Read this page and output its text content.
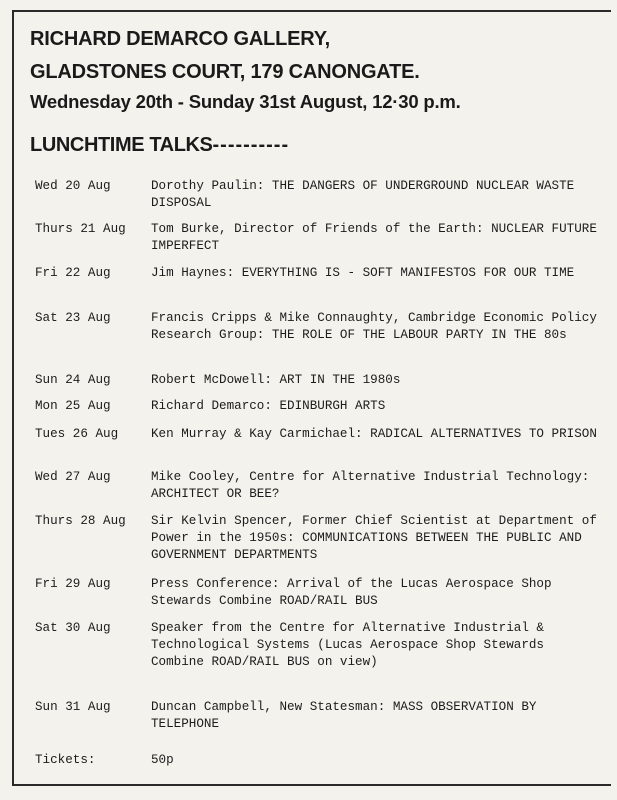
RICHARD DEMARCO GALLERY,
GLADSTONES COURT, 179 CANONGATE.
Wednesday 20th - Sunday 31st August, 12·30 p.m.
LUNCHTIME TALKS----------
Wed 20 Aug	Dorothy Paulin: THE DANGERS OF UNDERGROUND NUCLEAR WASTE DISPOSAL
Thurs 21 Aug Tom Burke, Director of Friends of the Earth: NUCLEAR FUTURE IMPERFECT
Fri 22 Aug	Jim Haynes: EVERYTHING IS - SOFT MANIFESTOS FOR OUR TIME
Sat 23 Aug	Francis Cripps & Mike Connaughty, Cambridge Economic Policy Research Group: THE ROLE OF THE LABOUR PARTY IN THE 80s
Sun 24 Aug	Robert McDowell: ART IN THE 1980s
Mon 25 Aug	Richard Demarco: EDINBURGH ARTS
Tues 26 Aug	Ken Murray & Kay Carmichael: RADICAL ALTERNATIVES TO PRISON
Wed 27 Aug	Mike Cooley, Centre for Alternative Industrial Technology: ARCHITECT OR BEE?
Thurs 28 Aug Sir Kelvin Spencer, Former Chief Scientist at Department of Power in the 1950s: COMMUNICATIONS BETWEEN THE PUBLIC AND GOVERNMENT DEPARTMENTS
Fri 29 Aug	Press Conference: Arrival of the Lucas Aerospace Shop Stewards Combine ROAD/RAIL BUS
Sat 30 Aug	Speaker from the Centre for Alternative Industrial & Technological Systems (Lucas Aerospace Shop Stewards Combine ROAD/RAIL BUS on view)
Sun 31 Aug	Duncan Campbell, New Statesman: MASS OBSERVATION BY TELEPHONE
Tickets:	50p
